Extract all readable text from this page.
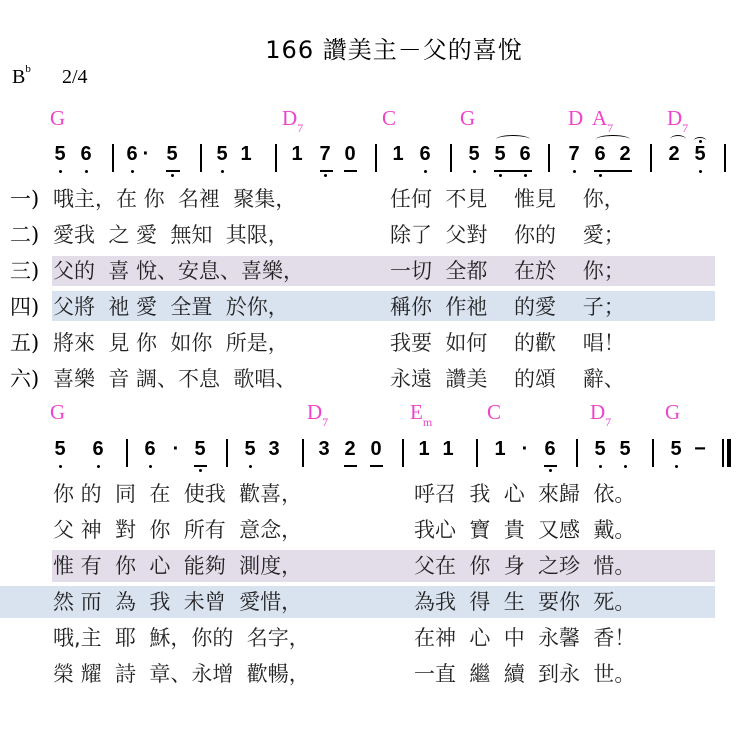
166 讚美主－父的喜悅
$B^b$ 2/4
G	$D_7$	C	G	D $A_7$	$D_7$
5 6 6 · 5 5 1 1 7 0 1 6 5 5 6 7 6 2 2 5
一) 哦主，在 你  名裡  聚集，	任何  不見    惟見    你，
二) 愛我  之 愛  無知  其限，	除了  父對    你的    愛；
三) 父的  喜 悅、安息、喜樂，	一切  全都    在於    你；
四) 父將  祂 愛  全置  於你，	稱你  作祂    的愛    子；
五) 將來  見 你  如你  所是，	我要  如何    的歡    唱！
六) 喜樂  音 調、不息  歌唱、	永遠  讚美    的頌    辭、
G	$D_7$	$E_m$	C	$D_7$	G
5 6 6 · 5 5 3 3 2 0 1 1 1 · 6 5 5 5 −
你 的  同  在  使我  歡喜，	呼召  我  心  來歸  依。
父 神  對  你  所有  意念，	我心  寶  貴  又感  戴。
惟 有  你  心  能夠  測度，	父在  你  身  之珍  惜。
然 而  為  我  未曾  愛惜，	為我  得  生  要你  死。
哦,主  耶  穌，你的  名字，	在神  心  中  永馨  香！
榮 耀  詩  章、永增  歡暢，	一直  繼  續  到永  世。
